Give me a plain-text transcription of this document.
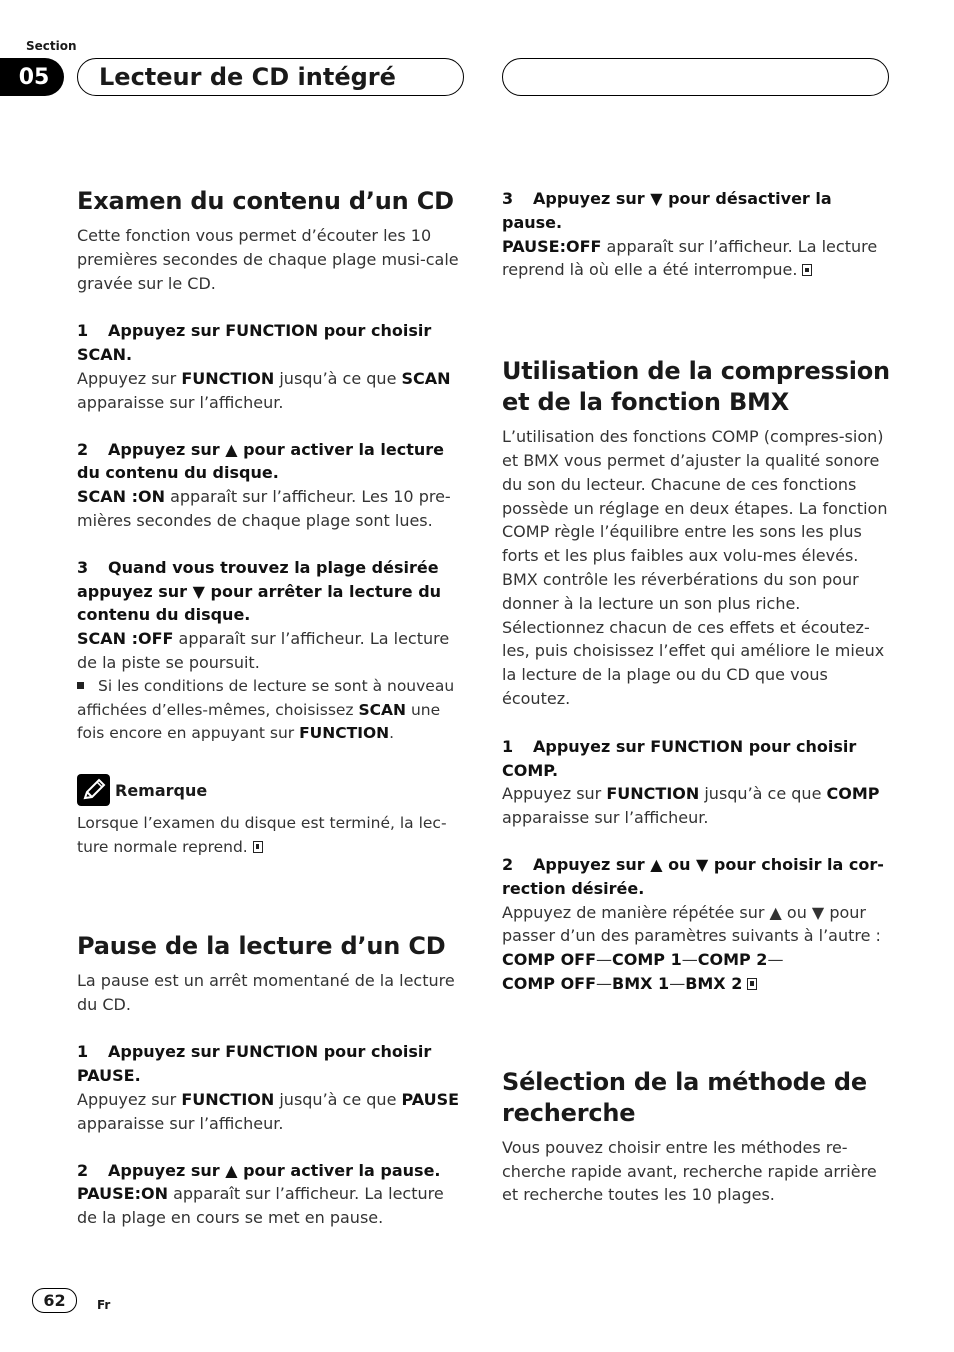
Section
05	Lecteur de CD intégré
Examen du contenu d’un CD

Cette fonction vous permet d’écouter les 10 premières secondes de chaque plage musi-cale gravée sur le CD.

1 Appuyez sur FUNCTION pour choisir SCAN.

Appuyez sur FUNCTION jusqu’à ce que SCAN apparaisse sur l’afficheur.

2 Appuyez sur ▲ pour activer la lecture du contenu du disque.

SCAN :ON apparaît sur l’afficheur. Les 10 pre-mières secondes de chaque plage sont lues.

3 Quand vous trouvez la plage désirée appuyez sur ▼ pour arrêter la lecture du contenu du disque.

SCAN :OFF apparaît sur l’afficheur. La lecture de la piste se poursuit.

Si les conditions de lecture se sont à nouveau affichées d’elles-mêmes, choisissez SCAN une fois encore en appuyant sur FUNCTION.

Remarque

Lorsque l’examen du disque est terminé, la lec-ture normale reprend.

Pause de la lecture d’un CD

La pause est un arrêt momentané de la lecture du CD.

1 Appuyez sur FUNCTION pour choisir PAUSE.

Appuyez sur FUNCTION jusqu’à ce que PAUSE apparaisse sur l’afficheur.

2 Appuyez sur ▲ pour activer la pause.

PAUSE:ON apparaît sur l’afficheur. La lecture de la plage en cours se met en pause.

3 Appuyez sur ▼ pour désactiver la pause.

PAUSE:OFF apparaît sur l’afficheur. La lecture reprend là où elle a été interrompue.

Utilisation de la compression et de la fonction BMX

L’utilisation des fonctions COMP (compres-sion) et BMX vous permet d’ajuster la qualité sonore du son du lecteur. Chacune de ces fonctions possède un réglage en deux étapes. La fonction COMP règle l’équilibre entre les sons les plus forts et les plus faibles aux volu-mes élevés. BMX contrôle les réverbérations du son pour donner à la lecture un son plus riche. Sélectionnez chacun de ces effets et écoutez-les, puis choisissez l’effet qui améliore le mieux la lecture de la plage ou du CD que vous écoutez.

1 Appuyez sur FUNCTION pour choisir COMP.

Appuyez sur FUNCTION jusqu’à ce que COMP apparaisse sur l’afficheur.

2 Appuyez sur ▲ ou ▼ pour choisir la cor-rection désirée.

Appuyez de manière répétée sur ▲ ou ▼ pour passer d’un des paramètres suivants à l’autre :

COMP OFF—COMP 1—COMP 2—

COMP OFF—BMX 1—BMX 2

Sélection de la méthode de recherche

Vous pouvez choisir entre les méthodes re-cherche rapide avant, recherche rapide arrière et recherche toutes les 10 plages.

62	Fr
